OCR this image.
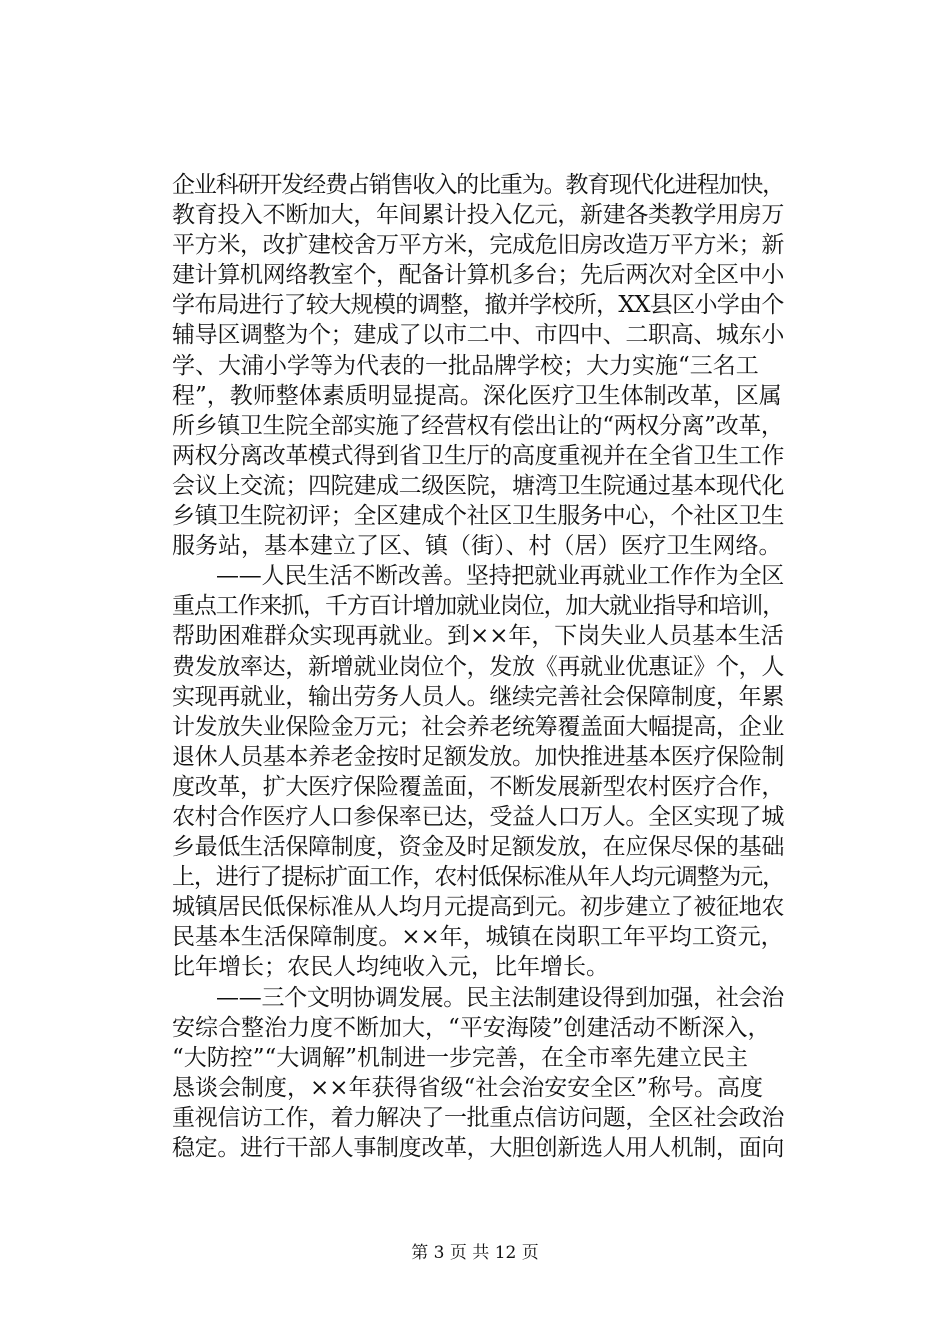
企业科研开发经费占销售收入的比重为。教育现代化进程加快，
教育投入不断加大，年间累计投入亿元，新建各类教学用房万
平方米，改扩建校舍万平方米，完成危旧房改造万平方米；新
建计算机网络教室个，配备计算机多台；先后两次对全区中小
学布局进行了较大规模的调整，撤并学校所，XX县区小学由个
辅导区调整为个；建成了以市二中、市四中、二职高、城东小
学、大浦小学等为代表的一批品牌学校；大力实施“三名工
程”，教师整体素质明显提高。深化医疗卫生体制改革，区属
所乡镇卫生院全部实施了经营权有偿出让的“两权分离”改革，
两权分离改革模式得到省卫生厅的高度重视并在全省卫生工作
会议上交流；四院建成二级医院，塘湾卫生院通过基本现代化
乡镇卫生院初评；全区建成个社区卫生服务中心，个社区卫生
服务站，基本建立了区、镇（街）、村（居）医疗卫生网络。
——人民生活不断改善。坚持把就业再就业工作作为全区
重点工作来抓，千方百计增加就业岗位，加大就业指导和培训，
帮助困难群众实现再就业。到××年，下岗失业人员基本生活
费发放率达，新增就业岗位个，发放《再就业优惠证》个，人
实现再就业，输出劳务人员人。继续完善社会保障制度，年累
计发放失业保险金万元；社会养老统筹覆盖面大幅提高，企业
退休人员基本养老金按时足额发放。加快推进基本医疗保险制
度改革，扩大医疗保险覆盖面，不断发展新型农村医疗合作，
农村合作医疗人口参保率已达，受益人口万人。全区实现了城
乡最低生活保障制度，资金及时足额发放，在应保尽保的基础
上，进行了提标扩面工作，农村低保标准从年人均元调整为元，
城镇居民低保标准从人均月元提高到元。初步建立了被征地农
民基本生活保障制度。××年，城镇在岗职工年平均工资元，
比年增长；农民人均纯收入元，比年增长。
——三个文明协调发展。民主法制建设得到加强，社会治
安综合整治力度不断加大，“平安海陵”创建活动不断深入，
“大防控”“大调解”机制进一步完善，在全市率先建立民主
恳谈会制度，××年获得省级“社会治安安全区”称号。高度
重视信访工作，着力解决了一批重点信访问题，全区社会政治
稳定。进行干部人事制度改革，大胆创新选人用人机制，面向
第 3 页 共 12 页
